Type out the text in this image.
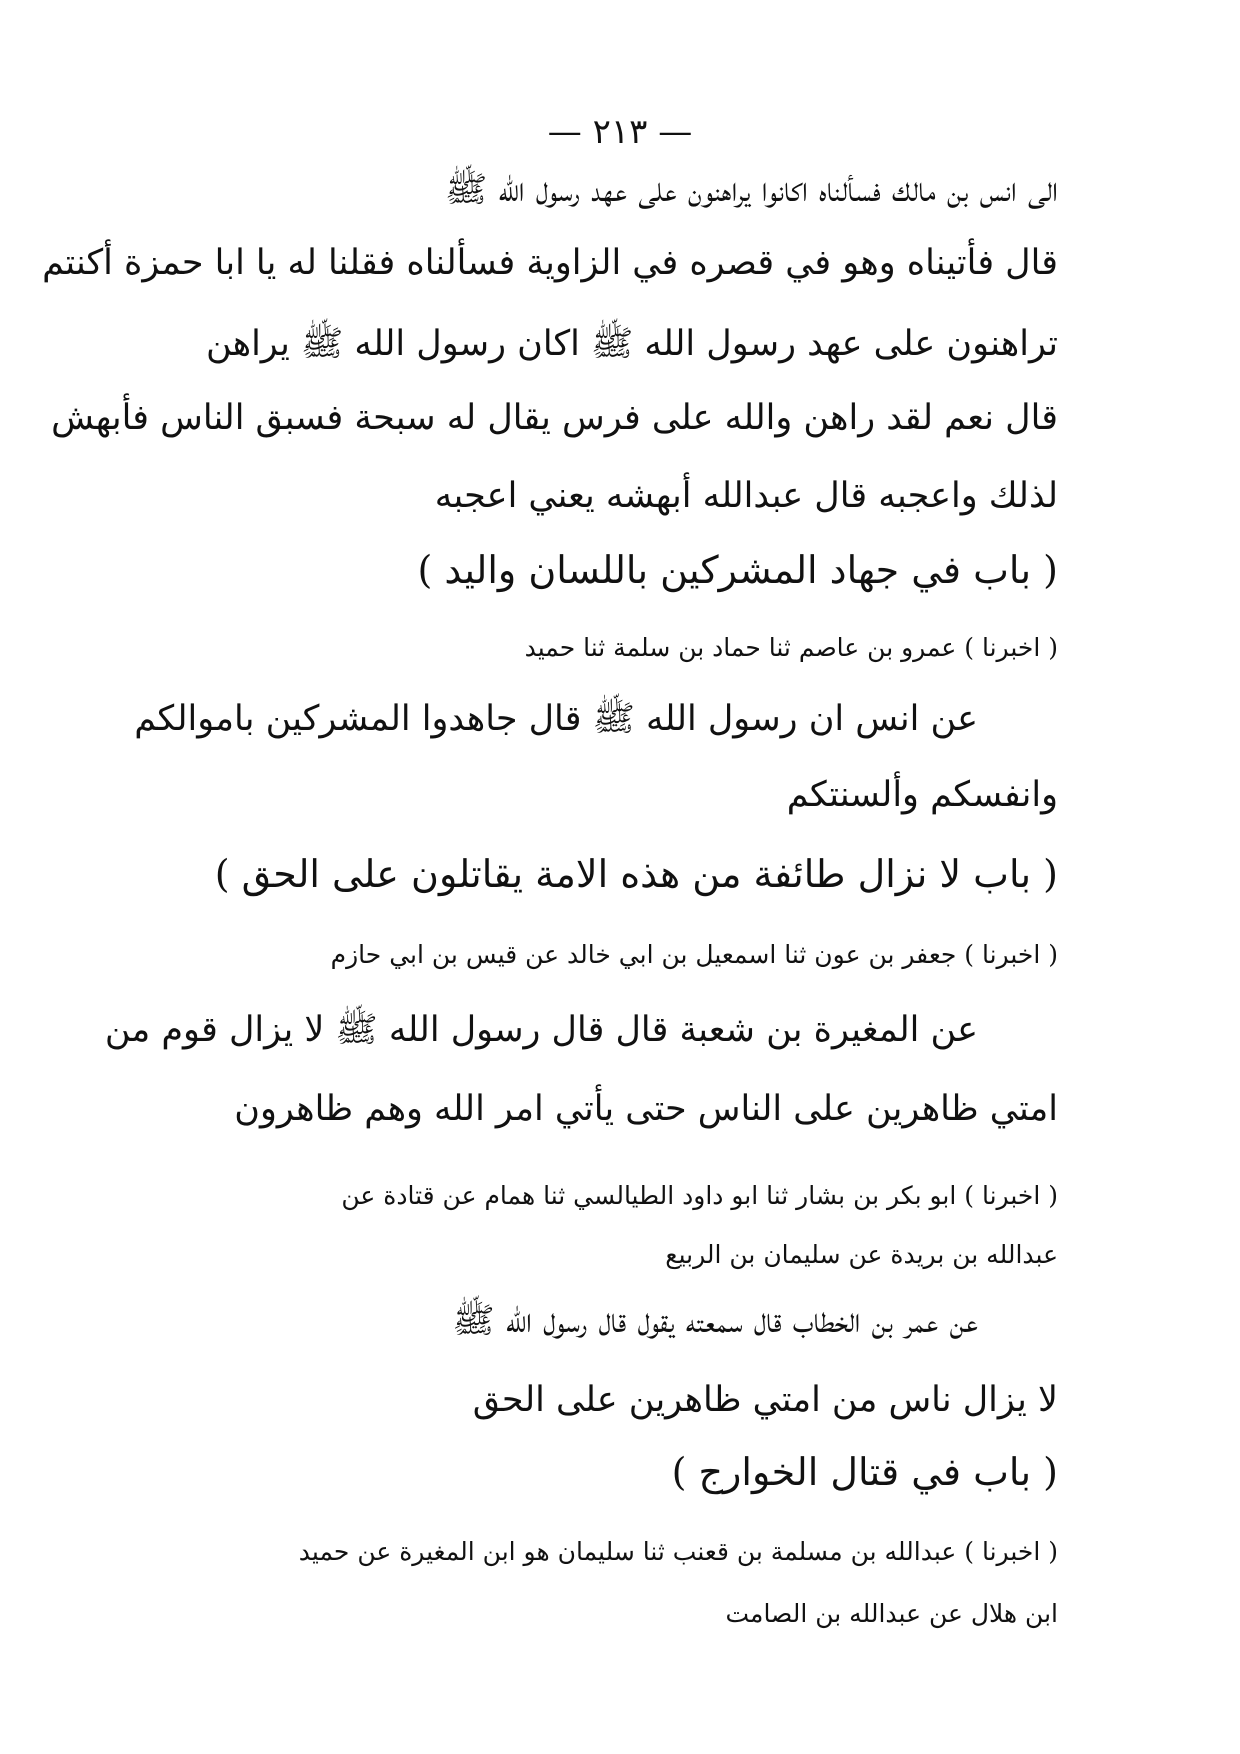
— ٢١٣ —
الى انس بن مالك فسألناه اكانوا يراهنون على عهد رسول الله ﷺ
قال فأتيناه وهو في قصره في الزاوية فسألناه فقلنا له يا ابا حمزة أكنتم
تراهنون على عهد رسول الله ﷺ اكان رسول الله ﷺ يراهن
قال نعم لقد راهن والله على فرس يقال له سبحة فسبق الناس فأبهش
لذلك واعجبه قال عبدالله أبهشه يعني اعجبه
( باب في جهاد المشركين باللسان واليد )
( اخبرنا ) عمرو بن عاصم ثنا حماد بن سلمة ثنا حميد
عن انس ان رسول الله ﷺ قال جاهدوا المشركين باموالكم
وانفسكم وألسنتكم
( باب لا نزال طائفة من هذه الامة يقاتلون على الحق )
( اخبرنا ) جعفر بن عون ثنا اسمعيل بن ابي خالد عن قيس بن ابي حازم
عن المغيرة بن شعبة قال قال رسول الله ﷺ لا يزال قوم من
امتي ظاهرين على الناس حتى يأتي امر الله وهم ظاهرون
( اخبرنا ) ابو بكر بن بشار ثنا ابو داود الطيالسي ثنا همام عن قتادة عن
عبدالله بن بريدة عن سليمان بن الربيع
عن عمر بن الخطاب قال سمعته يقول قال رسول الله ﷺ
لا يزال ناس من امتي ظاهرين على الحق
( باب في قتال الخوارج )
( اخبرنا ) عبدالله بن مسلمة بن قعنب ثنا سليمان هو ابن المغيرة عن حميد
ابن هلال عن عبدالله بن الصامت
